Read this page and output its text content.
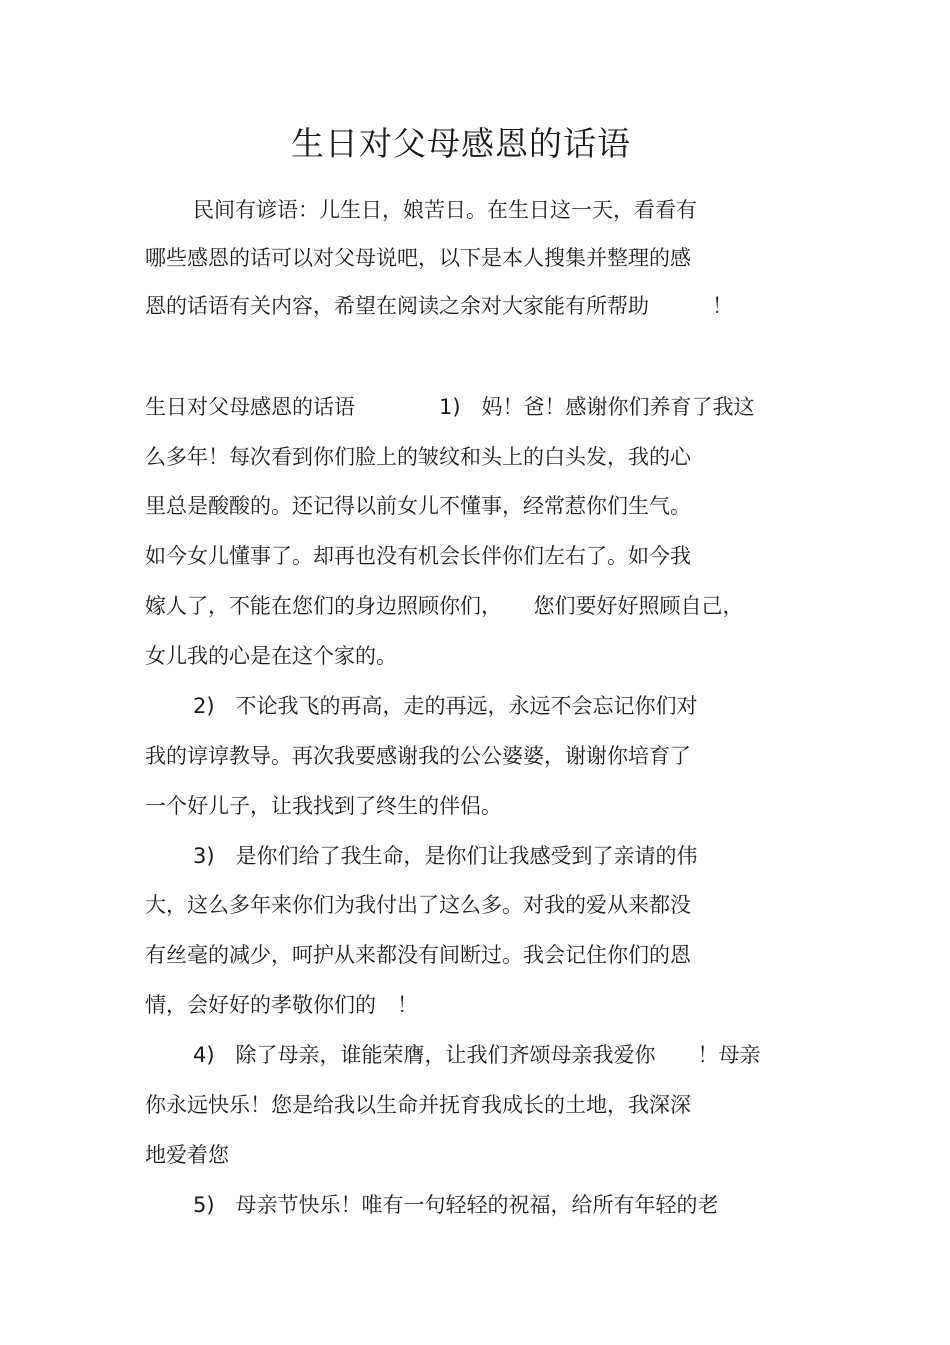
生日对父母感恩的话语
民间有谚语：儿生日，娘苦日。在生日这一天，看看有
哪些感恩的话可以对父母说吧，以下是本人搜集并整理的感
恩的话语有关内容，希望在阅读之余对大家能有所帮助　　　！
生日对父母感恩的话语　　　　1)　妈！爸！感谢你们养育了我这
么多年！每次看到你们脸上的皱纹和头上的白头发，我的心
里总是酸酸的。还记得以前女儿不懂事，经常惹你们生气。
如今女儿懂事了。却再也没有机会长伴你们左右了。如今我
嫁人了，不能在您们的身边照顾你们，　　您们要好好照顾自己，
女儿我的心是在这个家的。
2)　不论我飞的再高，走的再远，永远不会忘记你们对
我的谆谆教导。再次我要感谢我的公公婆婆，谢谢你培育了
一个好儿子，让我找到了终生的伴侣。
3)　是你们给了我生命，是你们让我感受到了亲请的伟
大，这么多年来你们为我付出了这么多。对我的爱从来都没
有丝毫的减少，呵护从来都没有间断过。我会记住你们的恩
情，会好好的孝敬你们的　！
4)　除了母亲，谁能荣膺，让我们齐颂母亲我爱你　　！母亲
你永远快乐！您是给我以生命并抚育我成长的土地，我深深
地爱着您
5)　母亲节快乐！唯有一句轻轻的祝福，给所有年轻的老
